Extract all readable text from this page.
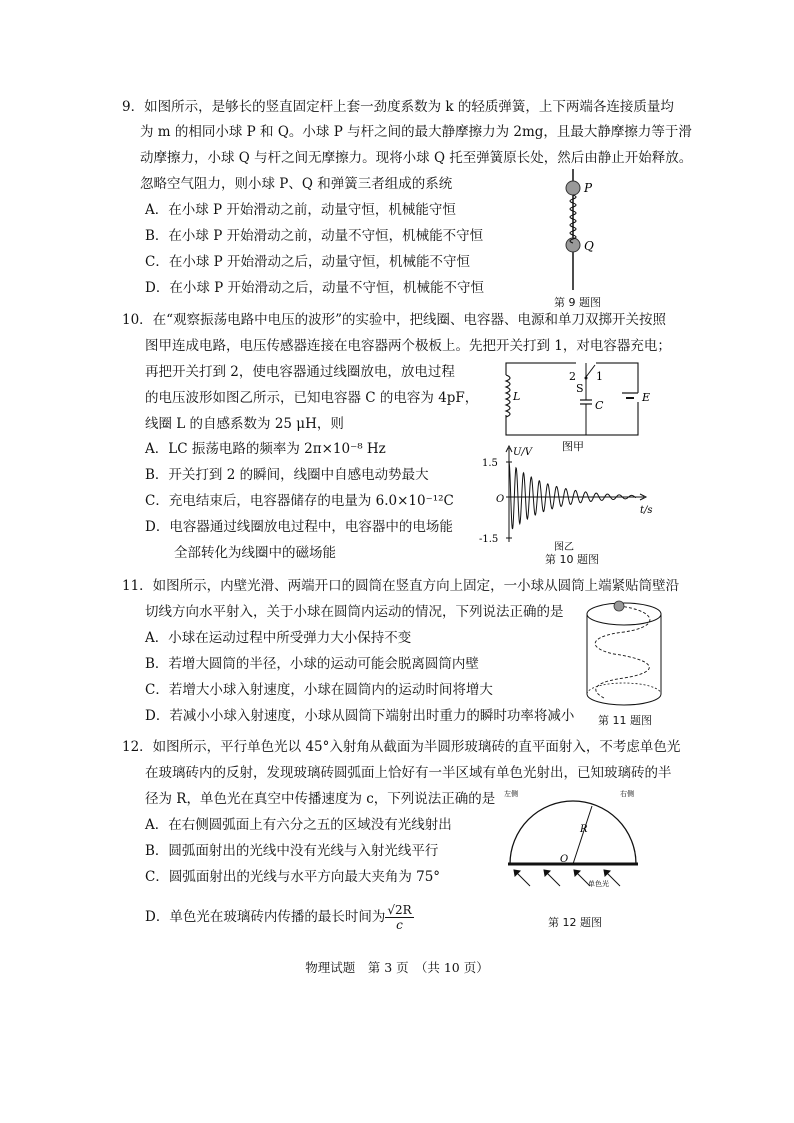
9．如图所示，是够长的竖直固定杆上套一劲度系数为 k 的轻质弹簧，上下两端各连接质量均
为 m 的相同小球 P 和 Q。小球 P 与杆之间的最大静摩擦力为 2mg，且最大静摩擦力等于滑
动摩擦力，小球 Q 与杆之间无摩擦力。现将小球 Q 托至弹簧原长处，然后由静止开始释放。
忽略空气阻力，则小球 P、Q 和弹簧三者组成的系统
A．在小球 P 开始滑动之前，动量守恒，机械能守恒
B．在小球 P 开始滑动之前，动量不守恒，机械能不守恒
C．在小球 P 开始滑动之后，动量守恒，机械能不守恒
D．在小球 P 开始滑动之后，动量不守恒，机械能不守恒
P
Q
第 9 题图
10．在“观察振荡电路中电压的波形”的实验中，把线圈、电容器、电源和单刀双掷开关按照
图甲连成电路，电压传感器连接在电容器两个极板上。先把开关打到 1，对电容器充电；
再把开关打到 2，使电容器通过线圈放电，放电过程
的电压波形如图乙所示，已知电容器 C 的电容为 4pF，
线圈 L 的自感系数为 25 μH，则
A．LC 振荡电路的频率为 2π×10⁻⁸ Hz
B．开关打到 2 的瞬间，线圈中自感电动势最大
C．充电结束后，电容器储存的电量为 6.0×10⁻¹²C
D．电容器通过线圈放电过程中，电容器中的电场能
全部转化为线圈中的磁场能
L
2 1
S
C
E
图甲
U/V
t/s
1.5
-1.5
O
图乙
第 10 题图
11．如图所示，内壁光滑、两端开口的圆筒在竖直方向上固定，一小球从圆筒上端紧贴筒壁沿
切线方向水平射入，关于小球在圆筒内运动的情况，下列说法正确的是
A．小球在运动过程中所受弹力大小保持不变
B．若增大圆筒的半径，小球的运动可能会脱离圆筒内壁
C．若增大小球入射速度，小球在圆筒内的运动时间将增大
D．若减小小球入射速度，小球从圆筒下端射出时重力的瞬时功率将减小 第 11 题图
12．如图所示，平行单色光以 45°入射角从截面为半圆形玻璃砖的直平面射入，不考虑单色光
在玻璃砖内的反射，发现玻璃砖圆弧面上恰好有一半区域有单色光射出，已知玻璃砖的半
径为 R，单色光在真空中传播速度为 c，下列说法正确的是
A．在右侧圆弧面上有六分之五的区域没有光线射出
B．圆弧面射出的光线中没有光线与入射光线平行
C．圆弧面射出的光线与水平方向最大夹角为 75°
D．单色光在玻璃砖内传播的最长时间为 $\frac{√2R}{c}$
R
O
左侧	右侧
单色光
第 12 题图
物理试题　第 3 页　（共 10 页）
